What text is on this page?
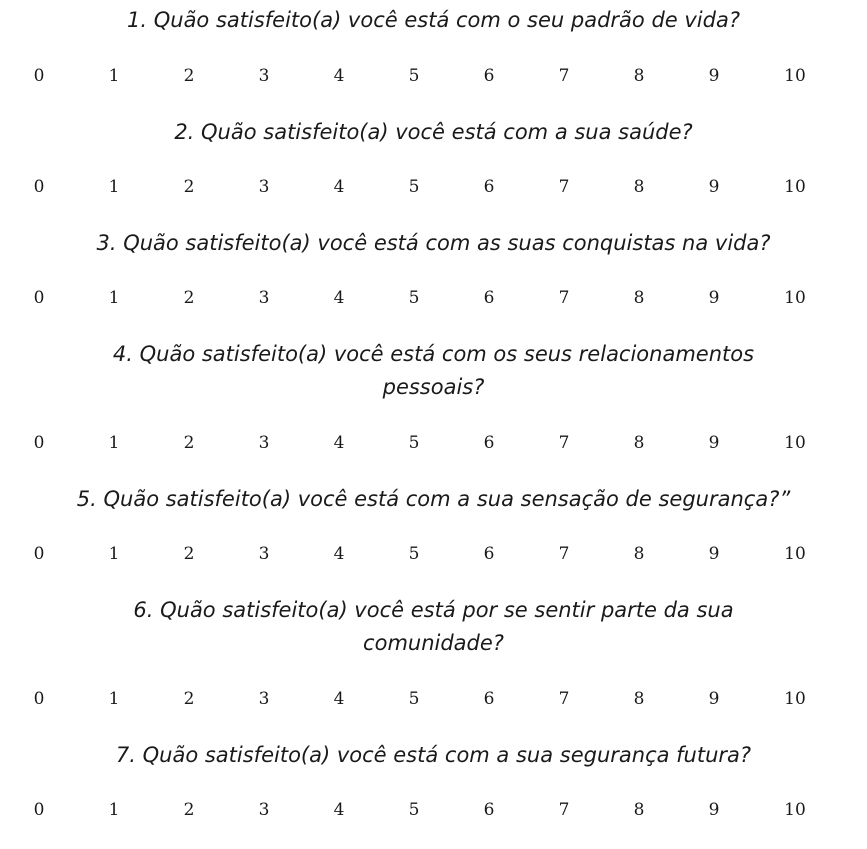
1. Quão satisfeito(a) você está com o seu padrão de vida?
0	1	2	3	4	5	6	7	8	9	10
2. Quão satisfeito(a) você está com a sua saúde?
0	1	2	3	4	5	6	7	8	9	10
3. Quão satisfeito(a) você está com as suas conquistas na vida?
0	1	2	3	4	5	6	7	8	9	10
4. Quão satisfeito(a) você está com os seus relacionamentos
pessoais?
0	1	2	3	4	5	6	7	8	9	10
5. Quão satisfeito(a) você está com a sua sensação de segurança?”
0	1	2	3	4	5	6	7	8	9	10
6. Quão satisfeito(a) você está por se sentir parte da sua
comunidade?
0	1	2	3	4	5	6	7	8	9	10
7. Quão satisfeito(a) você está com a sua segurança futura?
0	1	2	3	4	5	6	7	8	9	10
